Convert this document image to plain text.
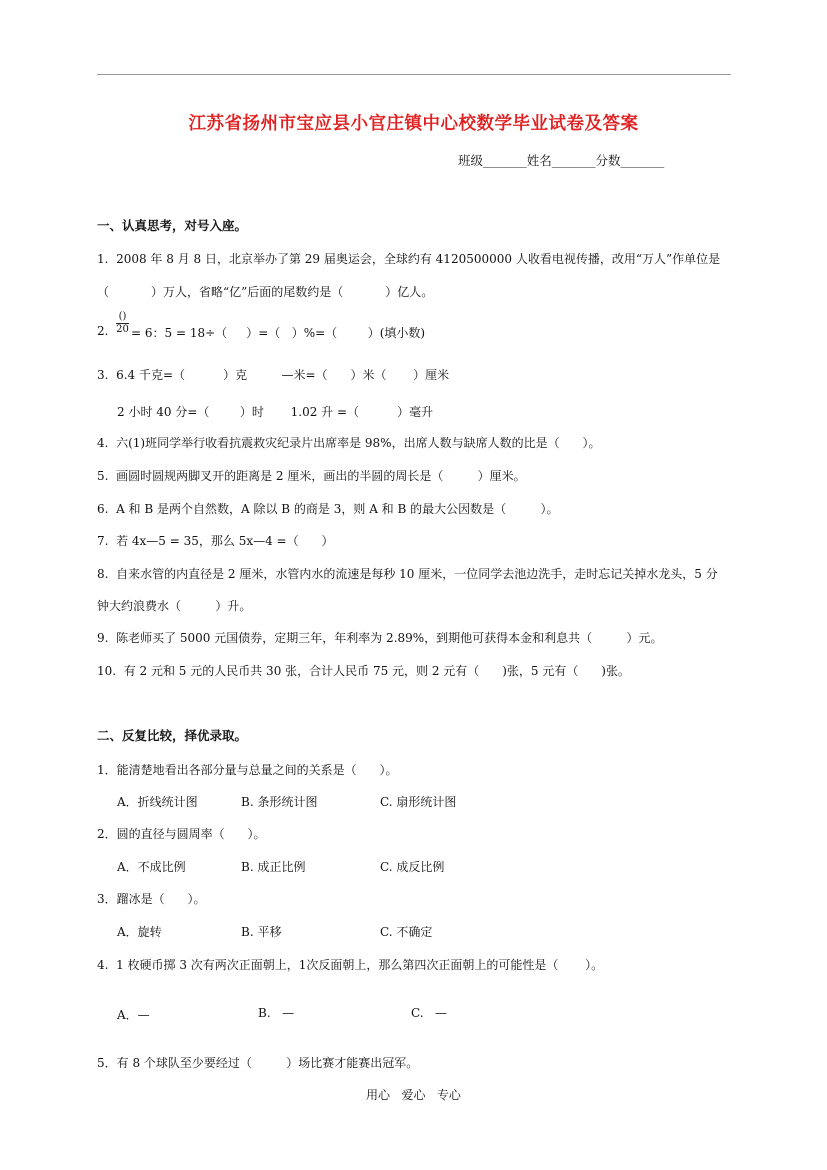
江苏省扬州市宝应县小官庄镇中心校数学毕业试卷及答案
班级_______姓名_______分数_______
一、认真思考，对号入座。
1.  2008 年 8 月 8 日，北京举办了第 29 届奥运会，全球约有 4120500000 人收看电视传播，改用“万人”作单位是
（           ）万人，省略“亿”后面的尾数约是（           ）亿人。
2.
()
20 = 6：5 = 18÷（     ）=（   ）%=（        ）(填小数)
3.  6.4 千克=（          ）克         —米=（      ）米（       ）厘米
2 小时 40 分=（        ）时       1.02 升 =（          ）毫升
4.  六(1)班同学举行收看抗震救灾纪录片出席率是 98%，出席人数与缺席人数的比是（      ）。
5.  画圆时圆规两脚叉开的距离是 2 厘米，画出的半圆的周长是（         ）厘米。
6.  A 和 B 是两个自然数，A 除以 B 的商是 3，则 A 和 B 的最大公因数是（         ）。
7.  若 4x—5 = 35，那么 5x—4 =（      ）
8.  自来水管的内直径是 2 厘米，水管内水的流速是每秒 10 厘米，一位同学去池边洗手，走时忘记关掉水龙头，5 分
钟大约浪费水（         ）升。
9.  陈老师买了 5000 元国债券，定期三年，年利率为 2.89%，到期他可获得本金和利息共（         ）元。
10.  有 2 元和 5 元的人民币共 30 张，合计人民币 75 元，则 2 元有（      )张，5 元有（      )张。
二、反复比较，择优录取。
1．能清楚地看出各部分量与总量之间的关系是（      ）。
A．折线统计图	B. 条形统计图	C. 扇形统计图
2．圆的直径与圆周率（      ）。
A．不成比例	B. 成正比例	C. 成反比例
3．蹓冰是（      ）。
A．旋转	B. 平移	C. 不确定
4.  1 枚硬币掷 3 次有两次正面朝上，1次反面朝上，那么第四次正面朝上的可能性是（       ）。
A．—	B.   —	C.   —
5．有 8 个球队至少要经过（         ）场比赛才能赛出冠军。
用心   爱心   专心
